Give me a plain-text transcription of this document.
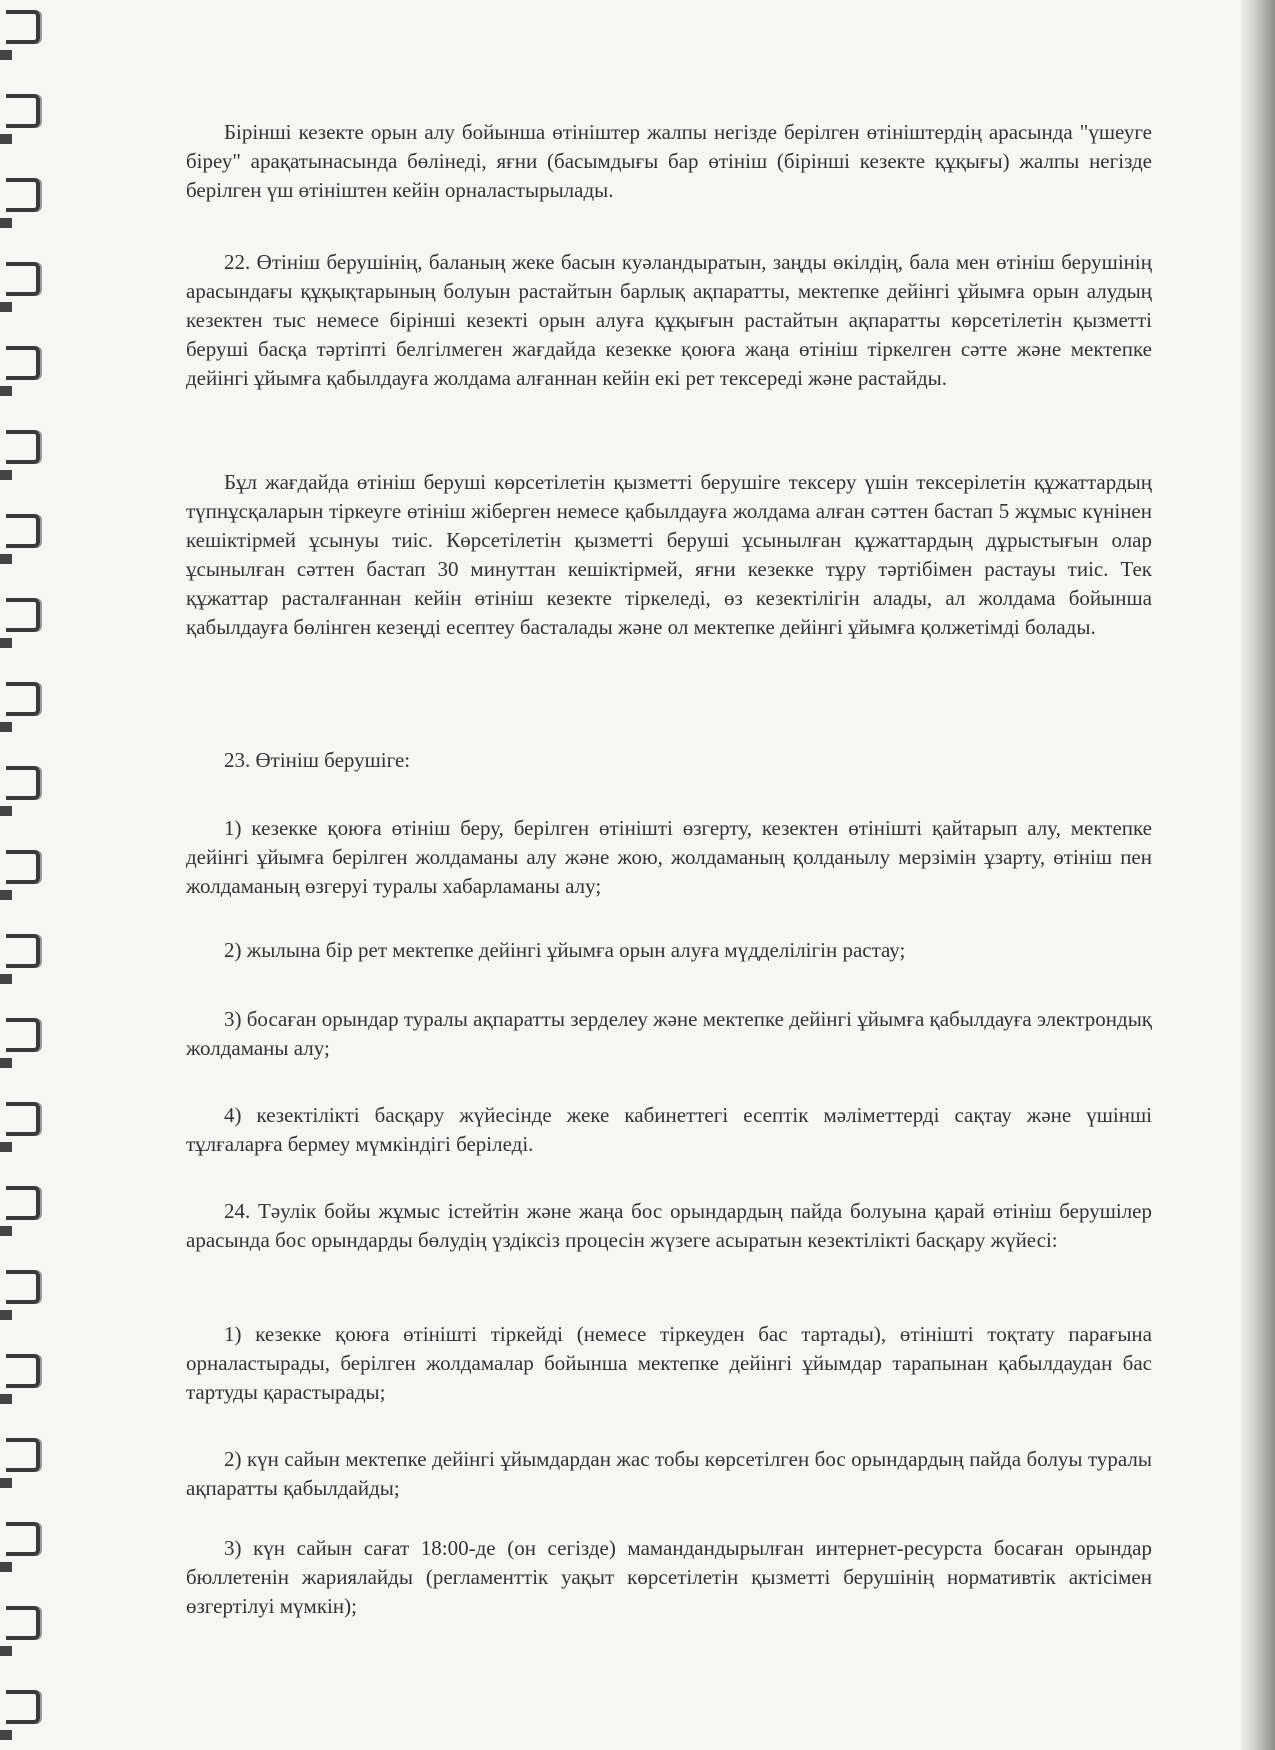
Бірінші кезекте орын алу бойынша өтініштер жалпы негізде берілген өтініштердің арасында "үшеуге біреу" арақатынасында бөлінеді, яғни (басымдығы бар өтініш (бірінші кезекте құқығы) жалпы негізде берілген үш өтініштен кейін орналастырылады.

22. Өтініш берушінің, баланың жеке басын куәландыратын, заңды өкілдің, бала мен өтініш берушінің арасындағы құқықтарының болуын растайтын барлық ақпаратты, мектепке дейінгі ұйымға орын алудың кезектен тыс немесе бірінші кезекті орын алуға құқығын растайтын ақпаратты көрсетілетін қызметті беруші басқа тәртіпті белгілмеген жағдайда кезекке қоюға жаңа өтініш тіркелген сәтте және мектепке дейінгі ұйымға қабылдауға жолдама алғаннан кейін екі рет тексереді және растайды.

Бұл жағдайда өтініш беруші көрсетілетін қызметті берушіге тексеру үшін тексерілетін құжаттардың түпнұсқаларын тіркеуге өтініш жіберген немесе қабылдауға жолдама алған сәттен бастап 5 жұмыс күнінен кешіктірмей ұсынуы тиіс. Көрсетілетін қызметті беруші ұсынылған құжаттардың дұрыстығын олар ұсынылған сәттен бастап 30 минуттан кешіктірмей, яғни кезекке тұру тәртібімен растауы тиіс. Тек құжаттар расталғаннан кейін өтініш кезекте тіркеледі, өз кезектілігін алады, ал жолдама бойынша қабылдауға бөлінген кезеңді есептеу басталады және ол мектепке дейінгі ұйымға қолжетімді болады.

23. Өтініш берушіге:

1) кезекке қоюға өтініш беру, берілген өтінішті өзгерту, кезектен өтінішті қайтарып алу, мектепке дейінгі ұйымға берілген жолдаманы алу және жою, жолдаманың қолданылу мерзімін ұзарту, өтініш пен жолдаманың өзгеруі туралы хабарламаны алу;

2) жылына бір рет мектепке дейінгі ұйымға орын алуға мүдделілігін растау;

3) босаған орындар туралы ақпаратты зерделеу және мектепке дейінгі ұйымға қабылдауға электрондық жолдаманы алу;

4) кезектілікті басқару жүйесінде жеке кабинеттегі есептік мәліметтерді сақтау және үшінші тұлғаларға бермеу мүмкіндігі беріледі.

24. Тәулік бойы жұмыс істейтін және жаңа бос орындардың пайда болуына қарай өтініш берушілер арасында бос орындарды бөлудің үздіксіз процесін жүзеге асыратын кезектілікті басқару жүйесі:

1) кезекке қоюға өтінішті тіркейді (немесе тіркеуден бас тартады), өтінішті тоқтату парағына орналастырады, берілген жолдамалар бойынша мектепке дейінгі ұйымдар тарапынан қабылдаудан бас тартуды қарастырады;

2) күн сайын мектепке дейінгі ұйымдардан жас тобы көрсетілген бос орындардың пайда болуы туралы ақпаратты қабылдайды;

3) күн сайын сағат 18:00-де (он сегізде) мамандандырылған интернет-ресурста босаған орындар бюллетенін жариялайды (регламенттік уақыт көрсетілетін қызметті берушінің нормативтік актісімен өзгертілуі мүмкін);
